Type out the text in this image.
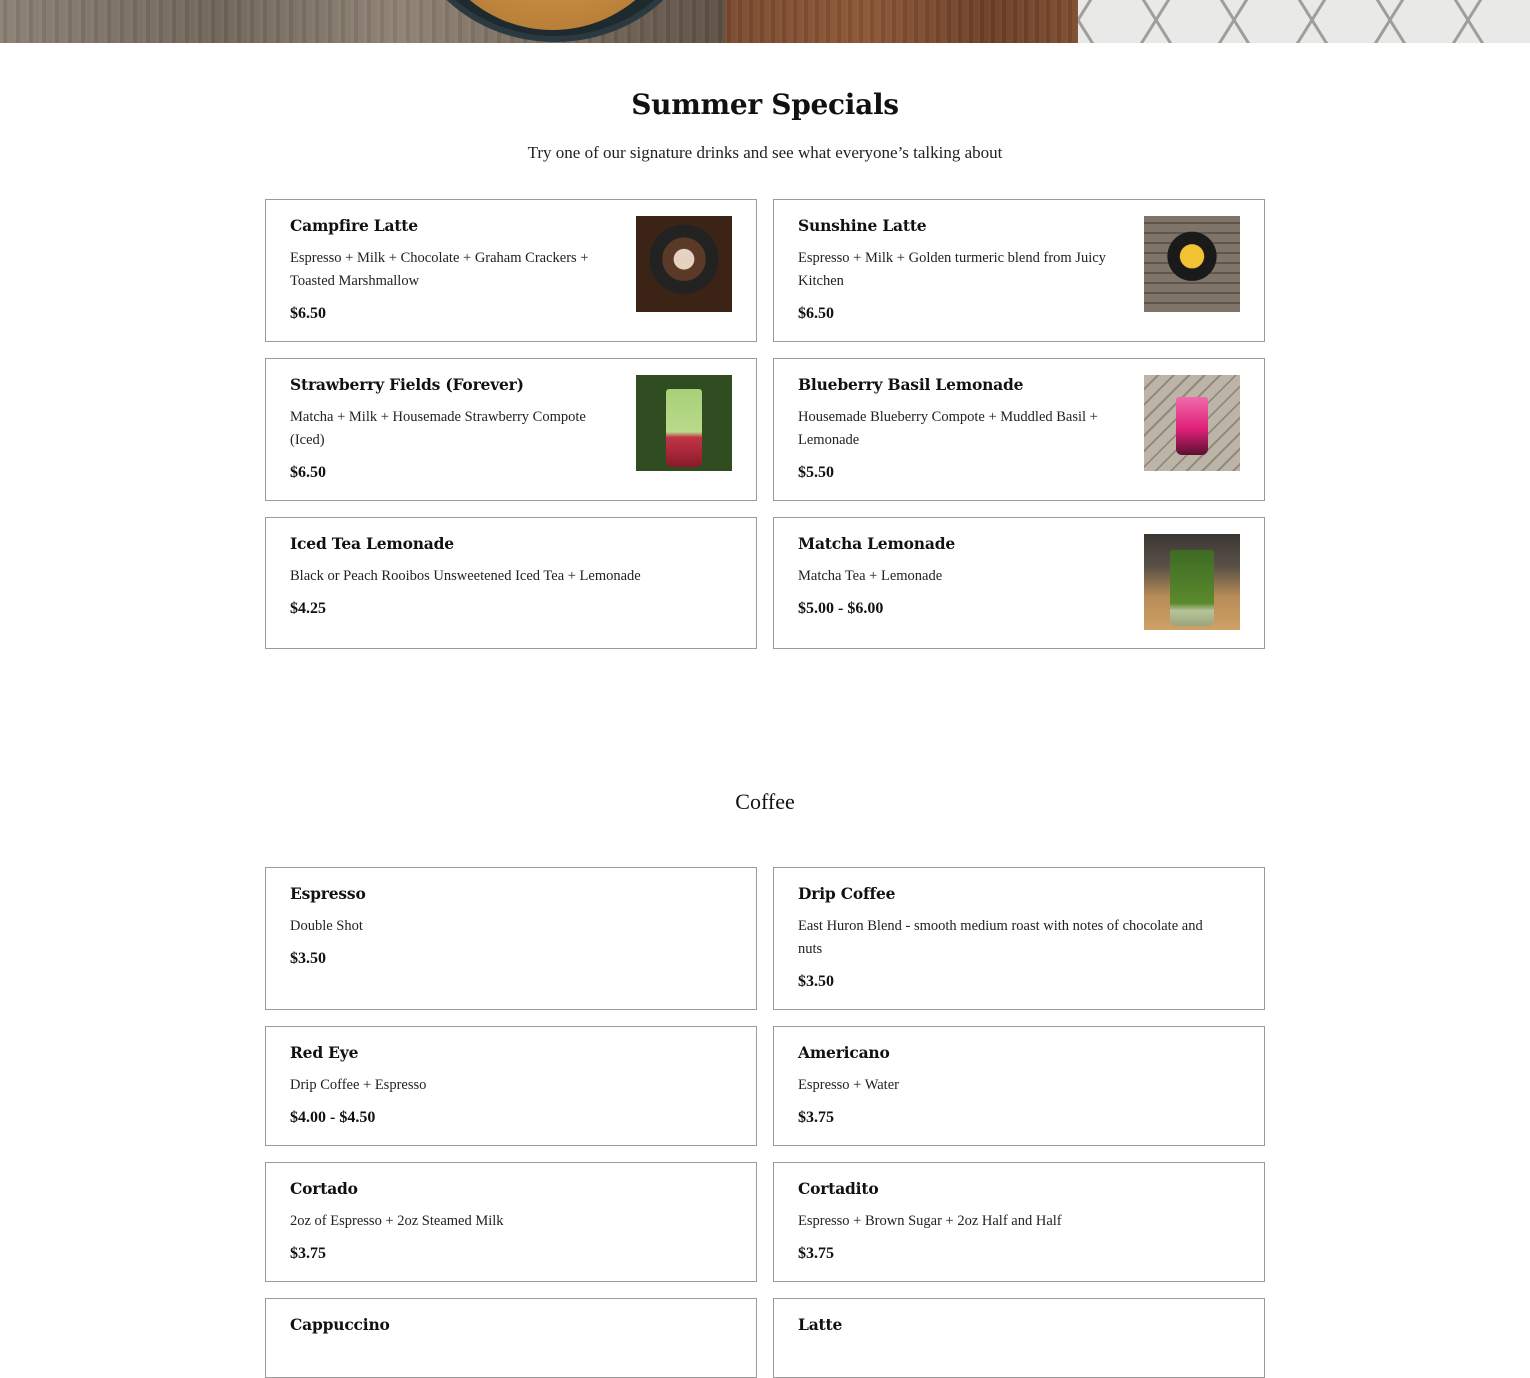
Summer Specials

Try one of our signature drinks and see what everyone’s talking about

Campfire Latte

Espresso + Milk + Chocolate + Graham Crackers + Toasted Marshmallow

$6.50

Sunshine Latte

Espresso + Milk + Golden turmeric blend from Juicy Kitchen

$6.50

Strawberry Fields (Forever)

Matcha + Milk + Housemade Strawberry Compote (Iced)

$6.50

Blueberry Basil Lemonade

Housemade Blueberry Compote + Muddled Basil + Lemonade

$5.50

Iced Tea Lemonade

Black or Peach Rooibos Unsweetened Iced Tea + Lemonade

$4.25

Matcha Lemonade

Matcha Tea + Lemonade

$5.00 - $6.00

Coffee

Espresso

Double Shot

$3.50

Drip Coffee

East Huron Blend - smooth medium roast with notes of chocolate and nuts

$3.50

Red Eye

Drip Coffee + Espresso

$4.00 - $4.50

Americano

Espresso + Water

$3.75

Cortado

2oz of Espresso + 2oz Steamed Milk

$3.75

Cortadito

Espresso + Brown Sugar + 2oz Half and Half

$3.75

Cappuccino	Latte
